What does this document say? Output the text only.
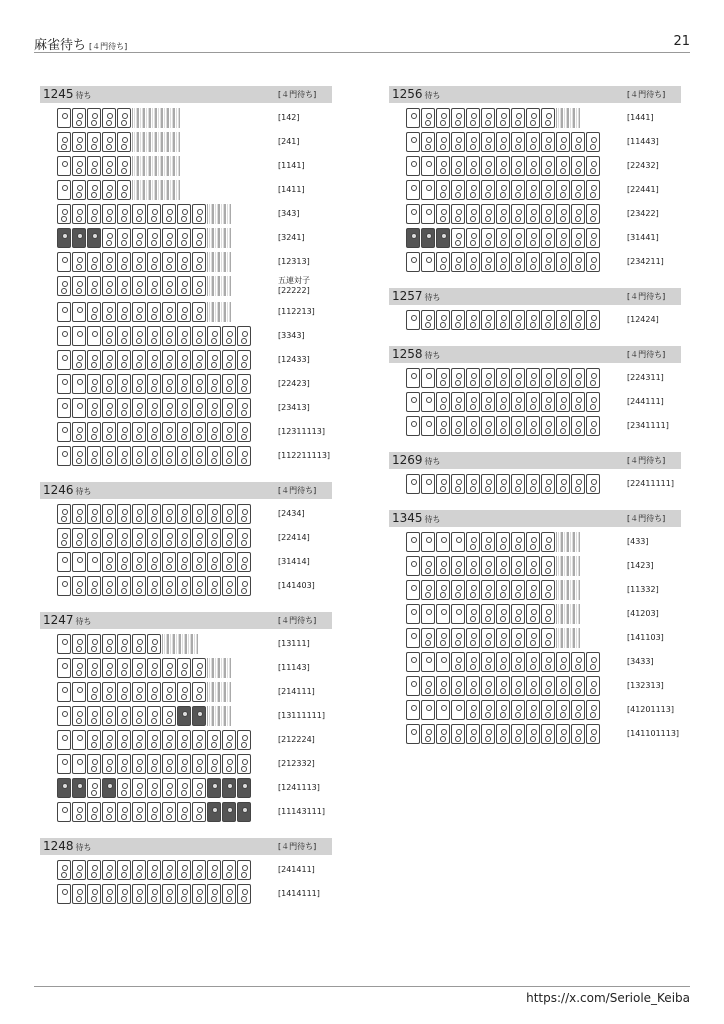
麻雀待ち [４門待ち]	21
1245 待ち	[４門待ち]
[142]
[241]
[1141]
[1411]
[343]
[3241]
[12313]
五連対子
[22222]
[112213]
[3343]
[12433]
[22423]
[23413]
[12311113]
[112211113]
1246 待ち	[４門待ち]
[2434]
[22414]
[31414]
[141403]
1247 待ち	[４門待ち]
[13111]
[11143]
[214111]
[13111111]
[212224]
[212332]
[1241113]
[11143111]
1248 待ち	[４門待ち]
[241411]
[1414111]
1256 待ち	[４門待ち]
[1441]
[11443]
[22432]
[22441]
[23422]
[31441]
[234211]
1257 待ち	[４門待ち]
[12424]
1258 待ち	[４門待ち]
[224311]
[244111]
[2341111]
1269 待ち	[４門待ち]
[22411111]
1345 待ち	[４門待ち]
[433]
[1423]
[11332]
[41203]
[141103]
[3433]
[132313]
[41201113]
[141101113]
https://x.com/Seriole_Keiba
